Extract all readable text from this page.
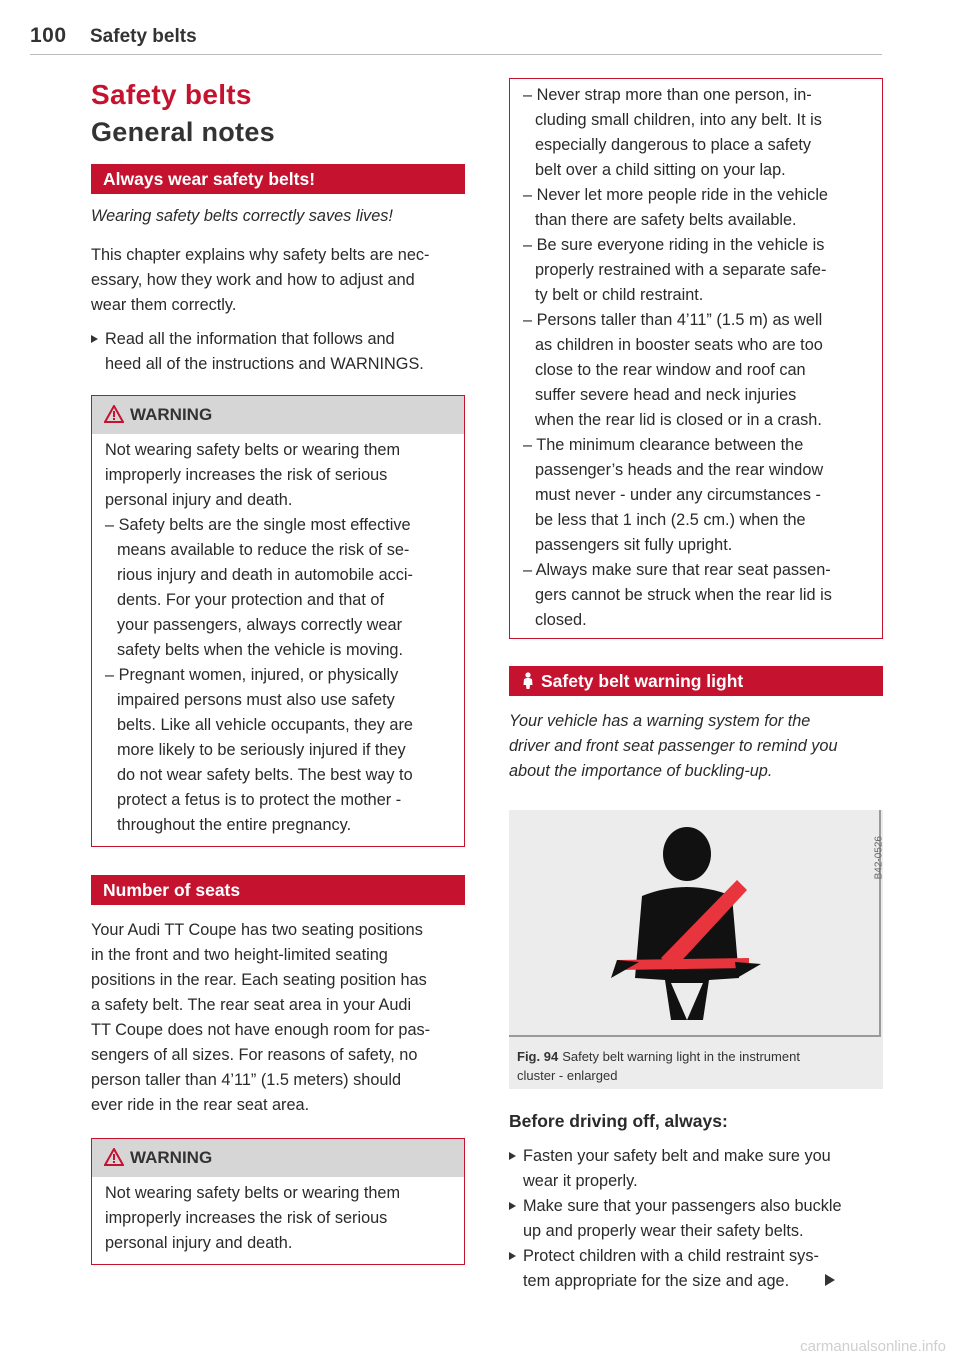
100 Safety belts
Safety belts
General notes
Always wear safety belts!

Wearing safety belts correctly saves lives!

This chapter explains why safety belts are nec-

essary, how they work and how to adjust and

wear them correctly.

Read all the information that follows and

heed all of the instructions and WARNINGS.

WARNING

Not wearing safety belts or wearing them

improperly increases the risk of serious

personal injury and death.

– Safety belts are the single most effective

means available to reduce the risk of se-

rious injury and death in automobile acci-

dents. For your protection and that of

your passengers, always correctly wear

safety belts when the vehicle is moving.

– Pregnant women, injured, or physically

impaired persons must also use safety

belts. Like all vehicle occupants, they are

more likely to be seriously injured if they

do not wear safety belts. The best way to

protect a fetus is to protect the mother -

throughout the entire pregnancy.

Number of seats

Your Audi TT Coupe has two seating positions

in the front and two height-limited seating

positions in the rear. Each seating position has

a safety belt. The rear seat area in your Audi

TT Coupe does not have enough room for pas-

sengers of all sizes. For reasons of safety, no

person taller than 4’11” (1.5 meters) should

ever ride in the rear seat area.

WARNING

Not wearing safety belts or wearing them

improperly increases the risk of serious

personal injury and death.

– Never strap more than one person, in-

cluding small children, into any belt. It is

especially dangerous to place a safety

belt over a child sitting on your lap.

– Never let more people ride in the vehicle

than there are safety belts available.

– Be sure everyone riding in the vehicle is

properly restrained with a separate safe-

ty belt or child restraint.

– Persons taller than 4’11” (1.5 m) as well

as children in booster seats who are too

close to the rear window and roof can

suffer severe head and neck injuries

when the rear lid is closed or in a crash.

– The minimum clearance between the

passenger’s heads and the rear window

must never - under any circumstances -

be less that 1 inch (2.5 cm.) when the

passengers sit fully upright.

– Always make sure that rear seat passen-

gers cannot be struck when the rear lid is

closed.

Safety belt warning light

Your vehicle has a warning system for the

driver and front seat passenger to remind you

about the importance of buckling-up.

B42-0526
Fig. 94 Safety belt warning light in the instrument
cluster - enlarged
Before driving off, always:

Fasten your safety belt and make sure you

wear it properly.

Make sure that your passengers also buckle

up and properly wear their safety belts.

Protect children with a child restraint sys-

tem appropriate for the size and age.

carmanualsonline.info
